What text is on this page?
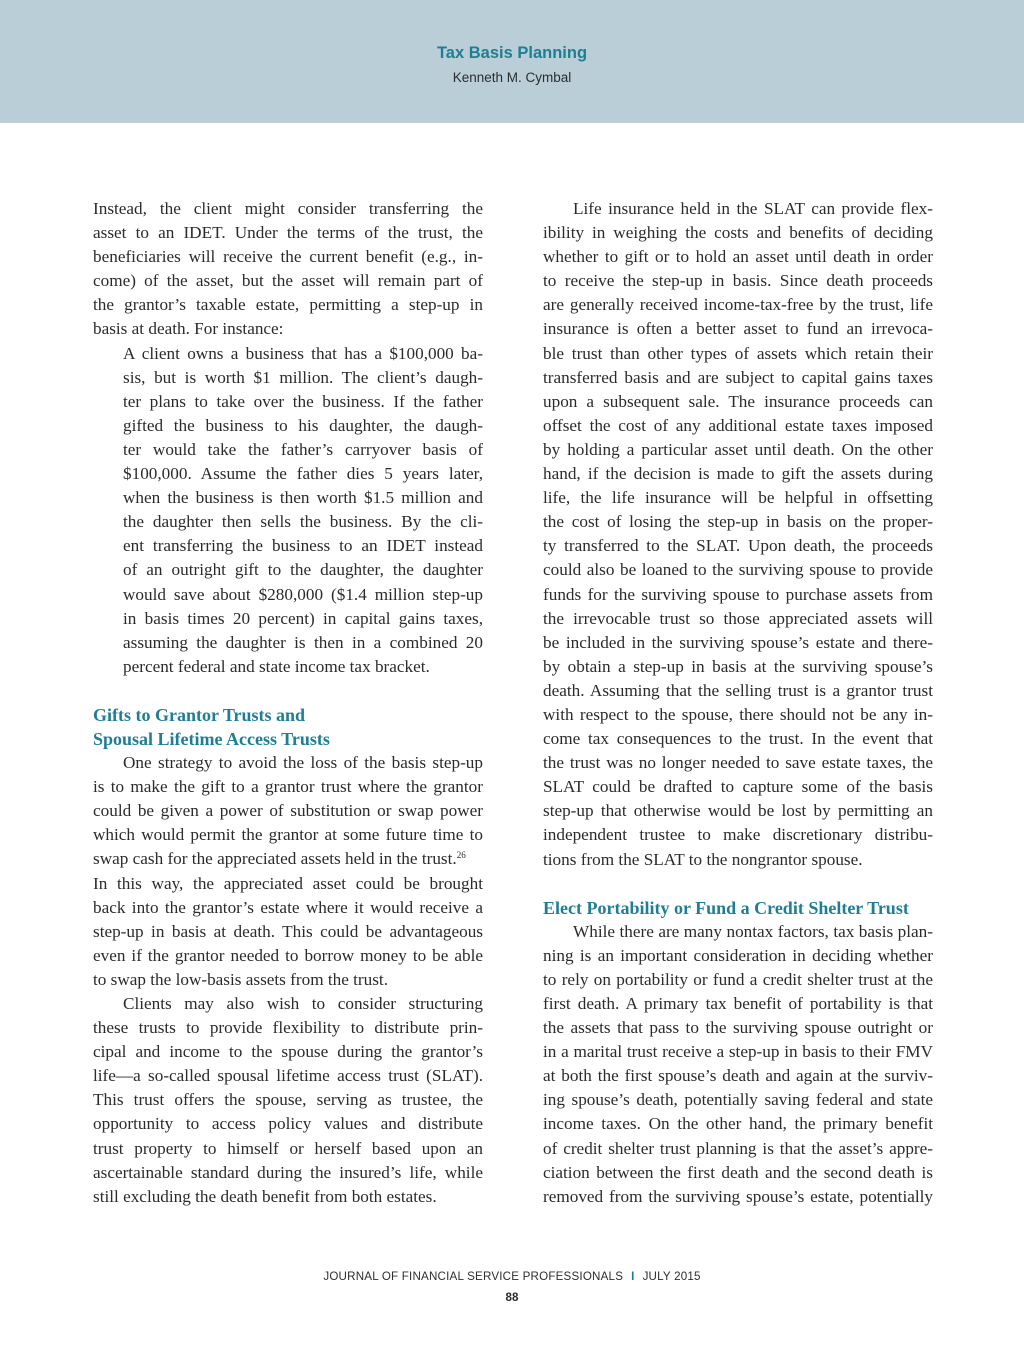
Tax Basis Planning
Kenneth M. Cymbal
Instead, the client might consider transferring the
asset to an IDET. Under the terms of the trust, the
beneficiaries will receive the current benefit (e.g., in-
come) of the asset, but the asset will remain part of
the grantor’s taxable estate, permitting a step-up in
basis at death. For instance:
A client owns a business that has a $100,000 ba-
sis, but is worth $1 million. The client’s daugh-
ter plans to take over the business. If the father
gifted the business to his daughter, the daugh-
ter would take the father’s carryover basis of
$100,000. Assume the father dies 5 years later,
when the business is then worth $1.5 million and
the daughter then sells the business. By the cli-
ent transferring the business to an IDET instead
of an outright gift to the daughter, the daughter
would save about $280,000 ($1.4 million step-up
in basis times 20 percent) in capital gains taxes,
assuming the daughter is then in a combined 20
percent federal and state income tax bracket.
Gifts to Grantor Trusts and
Spousal Lifetime Access Trusts
One strategy to avoid the loss of the basis step-up
is to make the gift to a grantor trust where the grantor
could be given a power of substitution or swap power
which would permit the grantor at some future time to
swap cash for the appreciated assets held in the trust.$^{26}$
In this way, the appreciated asset could be brought
back into the grantor’s estate where it would receive a
step-up in basis at death. This could be advantageous
even if the grantor needed to borrow money to be able
to swap the low-basis assets from the trust.
Clients may also wish to consider structuring
these trusts to provide flexibility to distribute prin-
cipal and income to the spouse during the grantor’s
life—a so-called spousal lifetime access trust (SLAT).
This trust offers the spouse, serving as trustee, the
opportunity to access policy values and distribute
trust property to himself or herself based upon an
ascertainable standard during the insured’s life, while
still excluding the death benefit from both estates.
Life insurance held in the SLAT can provide flex-
ibility in weighing the costs and benefits of deciding
whether to gift or to hold an asset until death in order
to receive the step-up in basis. Since death proceeds
are generally received income-tax-free by the trust, life
insurance is often a better asset to fund an irrevoca-
ble trust than other types of assets which retain their
transferred basis and are subject to capital gains taxes
upon a subsequent sale. The insurance proceeds can
offset the cost of any additional estate taxes imposed
by holding a particular asset until death. On the other
hand, if the decision is made to gift the assets during
life, the life insurance will be helpful in offsetting
the cost of losing the step-up in basis on the proper-
ty transferred to the SLAT. Upon death, the proceeds
could also be loaned to the surviving spouse to provide
funds for the surviving spouse to purchase assets from
the irrevocable trust so those appreciated assets will
be included in the surviving spouse’s estate and there-
by obtain a step-up in basis at the surviving spouse’s
death. Assuming that the selling trust is a grantor trust
with respect to the spouse, there should not be any in-
come tax consequences to the trust. In the event that
the trust was no longer needed to save estate taxes, the
SLAT could be drafted to capture some of the basis
step-up that otherwise would be lost by permitting an
independent trustee to make discretionary distribu-
tions from the SLAT to the nongrantor spouse.
Elect Portability or Fund a Credit Shelter Trust
While there are many nontax factors, tax basis plan-
ning is an important consideration in deciding whether
to rely on portability or fund a credit shelter trust at the
first death. A primary tax benefit of portability is that
the assets that pass to the surviving spouse outright or
in a marital trust receive a step-up in basis to their FMV
at both the first spouse’s death and again at the surviv-
ing spouse’s death, potentially saving federal and state
income taxes. On the other hand, the primary benefit
of credit shelter trust planning is that the asset’s appre-
ciation between the first death and the second death is
removed from the surviving spouse’s estate, potentially
JOURNAL OF FINANCIAL SERVICE PROFESSIONALS I JULY 2015
88
